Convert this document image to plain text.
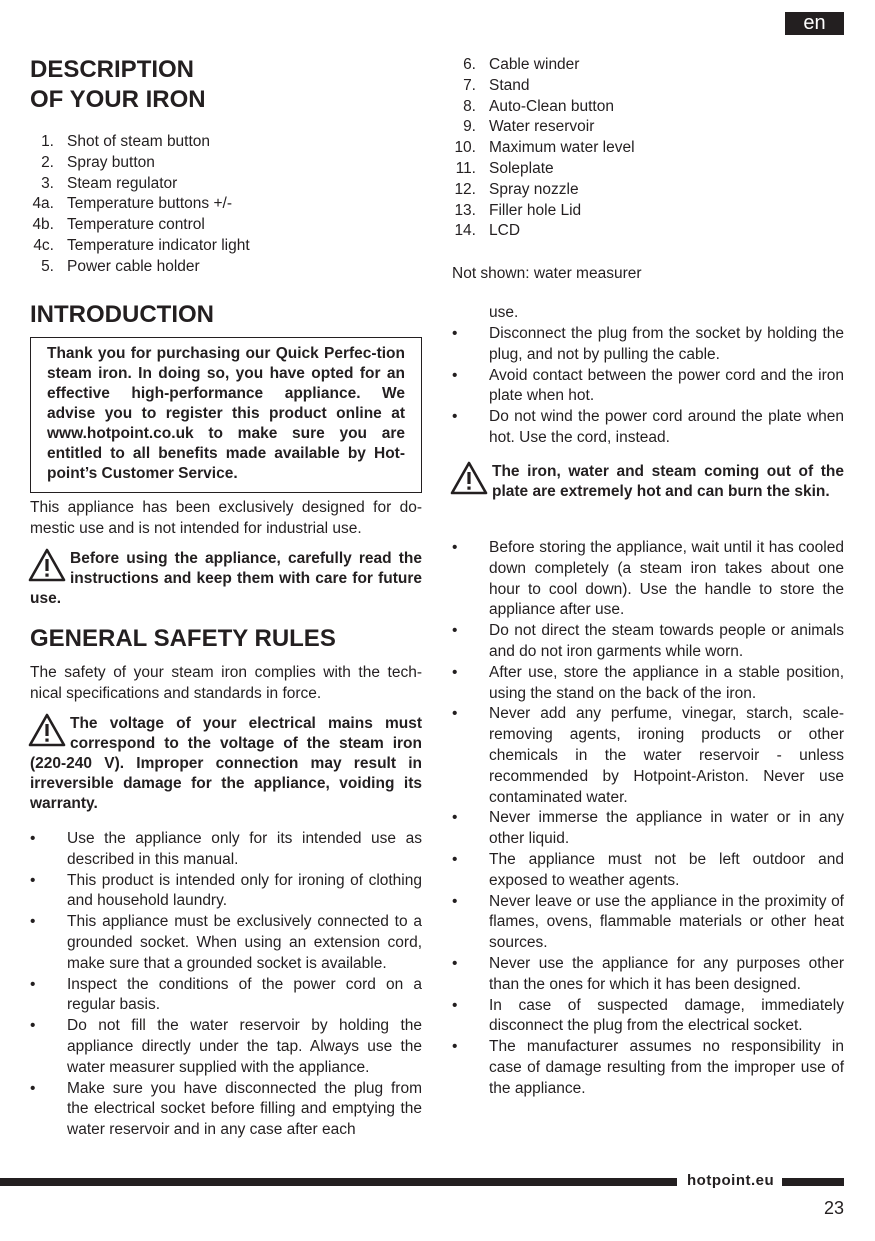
en
DESCRIPTION
OF YOUR IRON
1. Shot of steam button
2. Spray button
3. Steam regulator
4a. Temperature buttons +/-
4b. Temperature control
4c. Temperature indicator light
5. Power cable holder
INTRODUCTION
Thank you for purchasing our Quick Perfec-tion steam iron. In doing so, you have opted for an effective high-performance appliance. We advise you to register this product online at www.hotpoint.co.uk to make sure you are entitled to all benefits made available by Hot-point’s Customer Service.

This appliance has been exclusively designed for do-mestic use and is not intended for industrial use.

Before using the appliance, carefully read the instructions and keep them with care for future use.
GENERAL SAFETY RULES

The safety of your steam iron complies with the tech-nical specifications and standards in force.

The voltage of your electrical mains must correspond to the voltage of the steam iron (220-240 V). Improper connection may result in irreversible damage for the appliance, voiding its warranty.
• Use the appliance only for its intended use as described in this manual.
• This product is intended only for ironing of clothing and household laundry.
• This appliance must be exclusively connected to a grounded socket. When using an extension cord, make sure that a grounded socket is available.
• Inspect the conditions of the power cord on a regular basis.
• Do not fill the water reservoir by holding the appliance directly under the tap. Always use the water measurer supplied with the appliance.
• Make sure you have disconnected the plug from the electrical socket before filling and emptying the water reservoir and in any case after each
6. Cable winder
7. Stand
8. Auto-Clean button
9. Water reservoir
10. Maximum water level
11. Soleplate
12. Spray nozzle
13. Filler hole Lid
14. LCD

Not shown: water measurer

use.

• Disconnect the plug from the socket by holding the plug, and not by pulling the cable.
• Avoid contact between the power cord and the iron plate when hot.
• Do not wind the power cord around the plate when hot. Use the cord, instead.
The iron, water and steam coming out of the plate are extremely hot and can burn the skin.
• Before storing the appliance, wait until it has cooled down completely (a steam iron takes about one hour to cool down). Use the handle to store the appliance after use.
• Do not direct the steam towards people or animals and do not iron garments while worn.
• After use, store the appliance in a stable position, using the stand on the back of the iron.
• Never add any perfume, vinegar, starch, scale-removing agents, ironing products or other chemicals in the water reservoir - unless recommended by Hotpoint-Ariston. Never use contaminated water.
• Never immerse the appliance in water or in any other liquid.
• The appliance must not be left outdoor and exposed to weather agents.
• Never leave or use the appliance in the proximity of flames, ovens, flammable materials or other heat sources.
• Never use the appliance for any purposes other than the ones for which it has been designed.
• In case of suspected damage, immediately disconnect the plug from the electrical socket.
• The manufacturer assumes no responsibility in case of damage resulting from the improper use of the appliance.
hotpoint.eu
23
